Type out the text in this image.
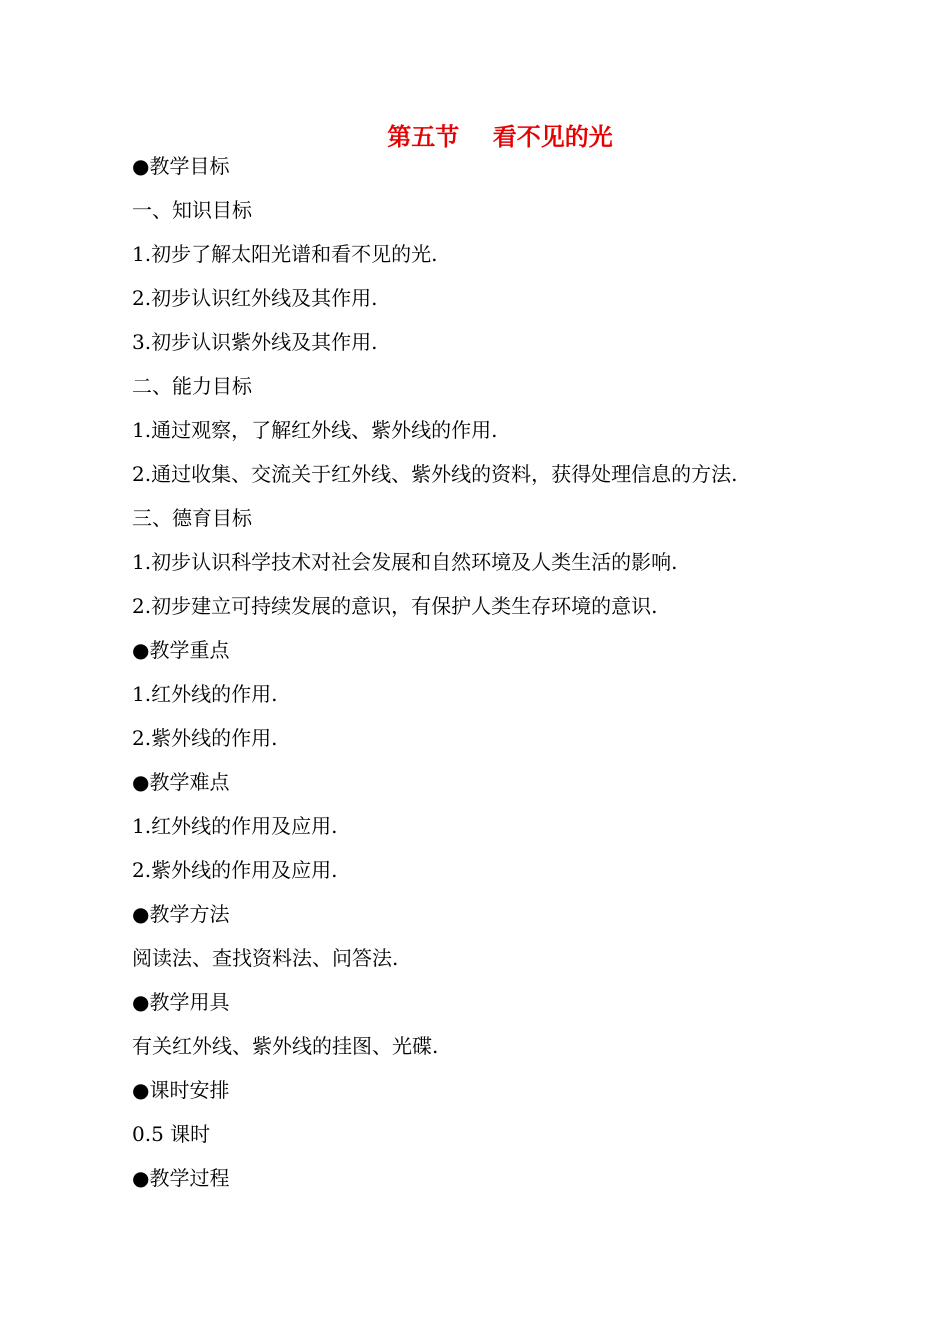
第五节    看不见的光
●教学目标
一、知识目标
1.初步了解太阳光谱和看不见的光.
2.初步认识红外线及其作用.
3.初步认识紫外线及其作用.
二、能力目标
1.通过观察，了解红外线、紫外线的作用.
2.通过收集、交流关于红外线、紫外线的资料，获得处理信息的方法.
三、德育目标
1.初步认识科学技术对社会发展和自然环境及人类生活的影响.
2.初步建立可持续发展的意识，有保护人类生存环境的意识.
●教学重点
1.红外线的作用.
2.紫外线的作用.
●教学难点
1.红外线的作用及应用.
2.紫外线的作用及应用.
●教学方法
阅读法、查找资料法、问答法.
●教学用具
有关红外线、紫外线的挂图、光碟.
●课时安排
0.5 课时
●教学过程
